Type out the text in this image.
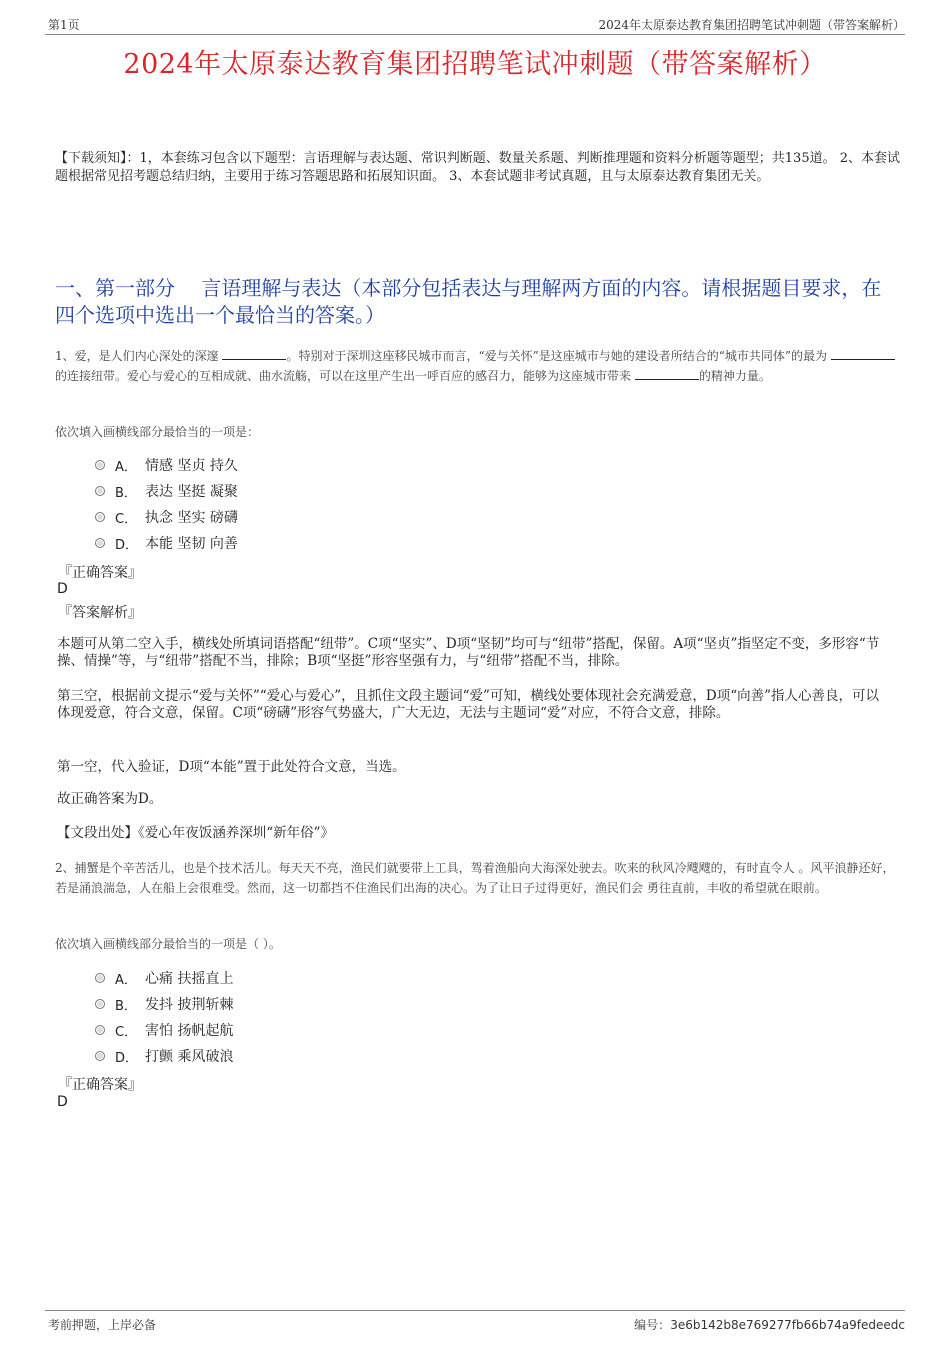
第1页	2024年太原泰达教育集团招聘笔试冲刺题（带答案解析）
2024年太原泰达教育集团招聘笔试冲刺题（带答案解析）
【下载须知】：1，本套练习包含以下题型：言语理解与表达题、常识判断题、数量关系题、判断推理题和资料分析题等题型；共135道。 2、本套试题根据常见招考题总结归纳，主要用于练习答题思路和拓展知识面。 3、本套试题非考试真题，且与太原泰达教育集团无关。
一、第一部分　 言语理解与表达（本部分包括表达与理解两方面的内容。请根据题目要求，在四个选项中选出一个最恰当的答案。）
1、爱，是人们内心深处的深邃	。特别对于深圳这座移民城市而言，“爱与关怀”是这座城市与她的建设者所结合的“城市共同体”的最为 的连接纽带。爱心与爱心的互相成就、曲水流觞，可以在这里产生出一呼百应的感召力，能够为这座城市带来	的精神力量。
依次填入画横线部分最恰当的一项是：
A． 情感 坚贞 持久
B． 表达 坚挺 凝聚
C． 执念 坚实 磅礴
D． 本能 坚韧 向善
『正确答案』
D
『答案解析』
本题可从第二空入手，横线处所填词语搭配“纽带”。C项“坚实”、D项“坚韧”均可与“纽带”搭配，保留。A项“坚贞”指坚定不变，多形容“节操、情操”等，与“纽带”搭配不当，排除；B项“坚挺”形容坚强有力，与“纽带”搭配不当，排除。
第三空，根据前文提示“爱与关怀”“爱心与爱心”，且抓住文段主题词“爱”可知，横线处要体现社会充满爱意，D项“向善”指人心善良，可以体现爱意，符合文意，保留。C项“磅礴”形容气势盛大，广大无边，无法与主题词“爱”对应，不符合文意，排除。
第一空，代入验证，D项“本能”置于此处符合文意，当选。
故正确答案为D。
【文段出处】《爱心年夜饭涵养深圳“新年俗”》
2、捕蟹是个辛苦活儿，也是个技术活儿。每天天不亮，渔民们就要带上工具，驾着渔船向大海深处驶去。吹来的秋风冷飕飕的，有时直令人 。风平浪静还好，若是涌浪湍急，人在船上会很难受。然而，这一切都挡不住渔民们出海的决心。为了让日子过得更好，渔民们会 勇往直前，丰收的希望就在眼前。
依次填入画横线部分最恰当的一项是（ ）。
A． 心痛 扶摇直上
B． 发抖 披荆斩棘
C． 害怕 扬帆起航
D． 打颤 乘风破浪
『正确答案』
D
考前押题，上岸必备	编号：3e6b142b8e769277fb66b74a9fedeedc
